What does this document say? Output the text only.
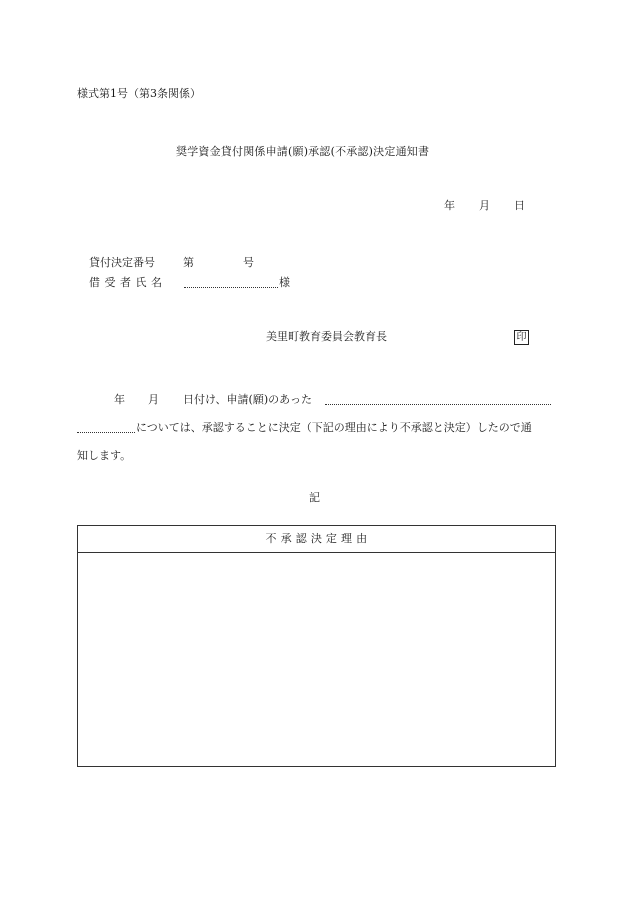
様式第1号（第3条関係）
奨学資金貸付関係申請(願)承認(不承認)決定通知書
年 月 日
貸付決定番号	第	号
借 受 者 氏 名	様
美里町教育委員会教育長	印
年 月 日付け、申請(願)のあった
については、承認することに決定（下記の理由により不承認と決定）したので通
知します。
記
不 承 認 決 定 理 由
